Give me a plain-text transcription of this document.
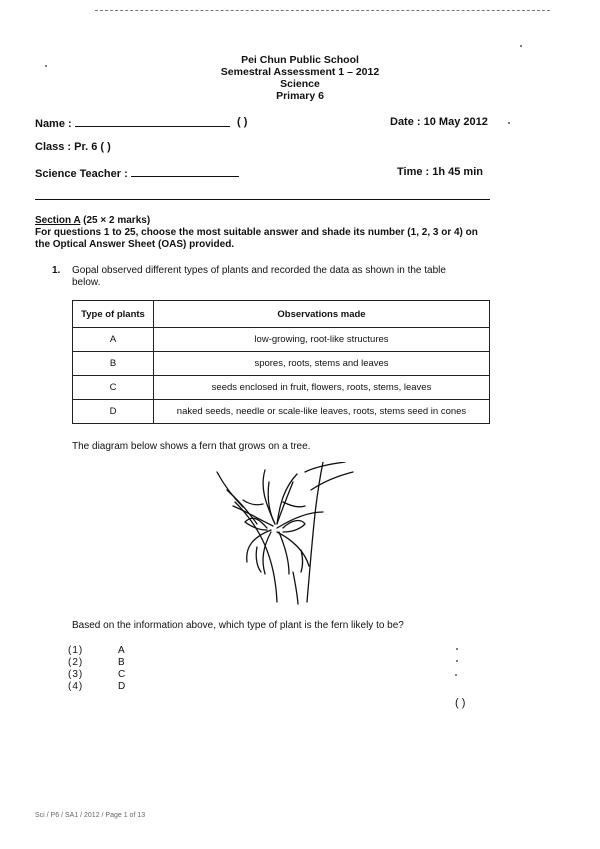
Pei Chun Public School
Semestral Assessment 1 – 2012
Science
Primary 6
Name :	( )	Date : 10 May 2012
Class : Pr. 6 ( )
Science Teacher :	Time : 1h 45 min
Section A (25 × 2 marks)
For questions 1 to 25, choose the most suitable answer and shade its number (1, 2, 3 or 4) on
the Optical Answer Sheet (OAS) provided.
1. Gopal observed different types of plants and recorded the data as shown in the table
below.
Type of plants	Observations made
A	low-growing, root-like structures
B	spores, roots, stems and leaves
C	seeds enclosed in fruit, flowers, roots, stems, leaves
D	naked seeds, needle or scale-like leaves, roots, stems seed in cones
The diagram below shows a fern that grows on a tree.
Based on the information above, which type of plant is the fern likely to be?
(1)	A
(2)	B
(3)	C
(4)	D
( )
Sci / P6 / SA1 / 2012 / Page 1 of 13
